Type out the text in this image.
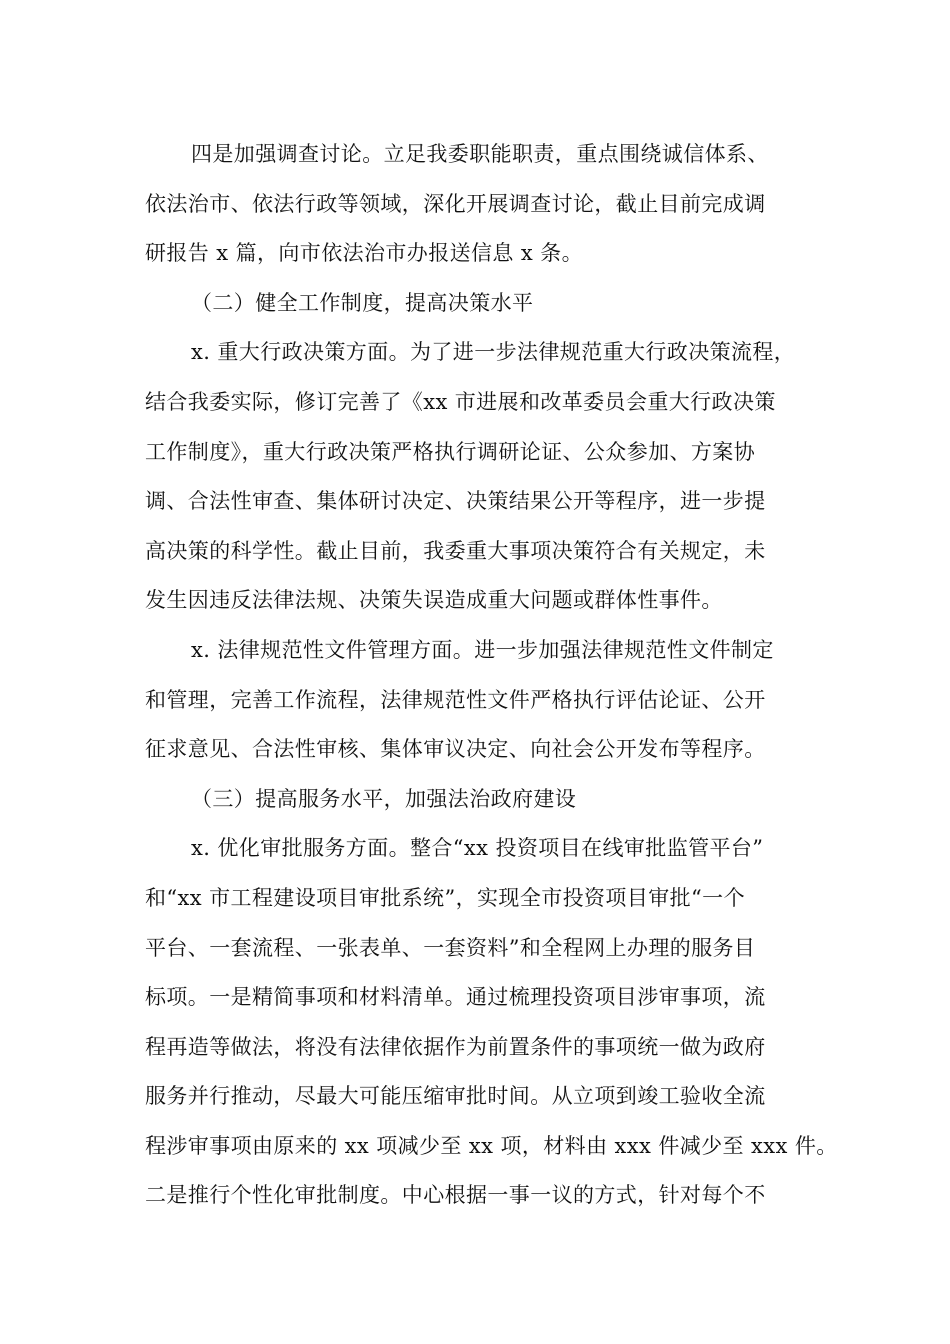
四是加强调查讨论。立足我委职能职责，重点围绕诚信体系、
依法治市、依法行政等领域，深化开展调查讨论，截止目前完成调
研报告 x 篇，向市依法治市办报送信息 x 条。
（二）健全工作制度，提高决策水平
x. 重大行政决策方面。为了进一步法律规范重大行政决策流程，
结合我委实际，修订完善了《xx 市进展和改革委员会重大行政决策
工作制度》，重大行政决策严格执行调研论证、公众参加、方案协
调、合法性审查、集体研讨决定、决策结果公开等程序，进一步提
高决策的科学性。截止目前，我委重大事项决策符合有关规定，未
发生因违反法律法规、决策失误造成重大问题或群体性事件。
x. 法律规范性文件管理方面。进一步加强法律规范性文件制定
和管理，完善工作流程，法律规范性文件严格执行评估论证、公开
征求意见、合法性审核、集体审议决定、向社会公开发布等程序。
（三）提高服务水平，加强法治政府建设
x. 优化审批服务方面。整合“xx 投资项目在线审批监管平台”
和“xx 市工程建设项目审批系统”，实现全市投资项目审批“一个
平台、一套流程、一张表单、一套资料”和全程网上办理的服务目
标项。一是精简事项和材料清单。通过梳理投资项目涉审事项，流
程再造等做法，将没有法律依据作为前置条件的事项统一做为政府
服务并行推动，尽最大可能压缩审批时间。从立项到竣工验收全流
程涉审事项由原来的 xx 项减少至 xx 项，材料由 xxx 件减少至 xxx 件。
二是推行个性化审批制度。中心根据一事一议的方式，针对每个不
